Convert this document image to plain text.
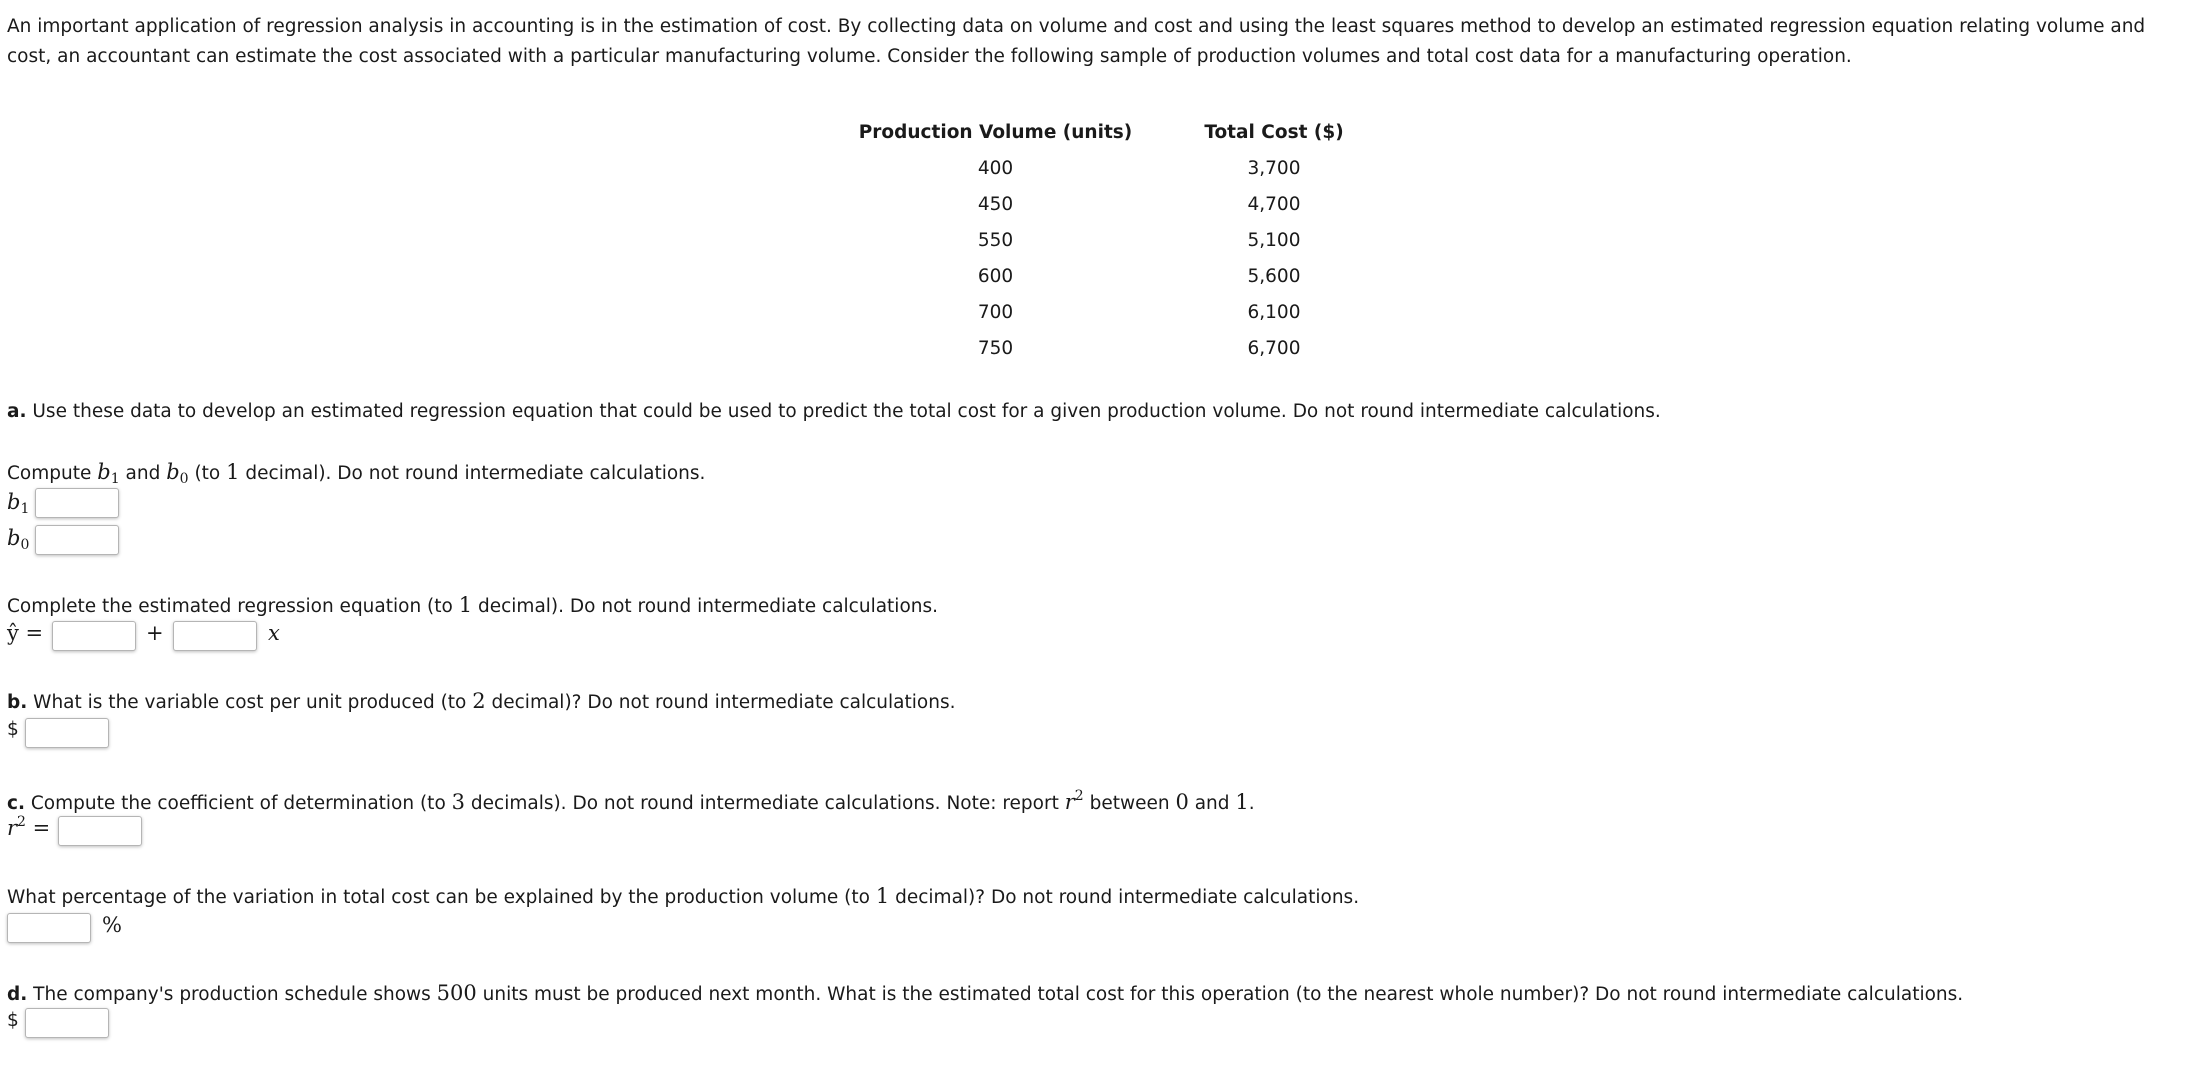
An important application of regression analysis in accounting is in the estimation of cost. By collecting data on volume and cost and using the least squares method to develop an estimated regression equation relating volume and cost, an accountant can estimate the cost associated with a particular manufacturing volume. Consider the following sample of production volumes and total cost data for a manufacturing operation.

Production Volume (units)	Total Cost ($)
400	3,700
450	4,700
550	5,100
600	5,600
700	6,100
750	6,700

a. Use these data to develop an estimated regression equation that could be used to predict the total cost for a given production volume. Do not round intermediate calculations.

Compute $b_1$ and $b_0$ (to 1 decimal). Do not round intermediate calculations.

$b_1$
$b_0$

Complete the estimated regression equation (to 1 decimal). Do not round intermediate calculations.

ŷ =	+	x

b. What is the variable cost per unit produced (to 2 decimal)? Do not round intermediate calculations.

$

c. Compute the coefficient of determination (to 3 decimals). Do not round intermediate calculations. Note: report $r^2$ between 0 and 1.

$r^2$ =

What percentage of the variation in total cost can be explained by the production volume (to 1 decimal)? Do not round intermediate calculations.

%

d. The company's production schedule shows 500 units must be produced next month. What is the estimated total cost for this operation (to the nearest whole number)? Do not round intermediate calculations.

$
